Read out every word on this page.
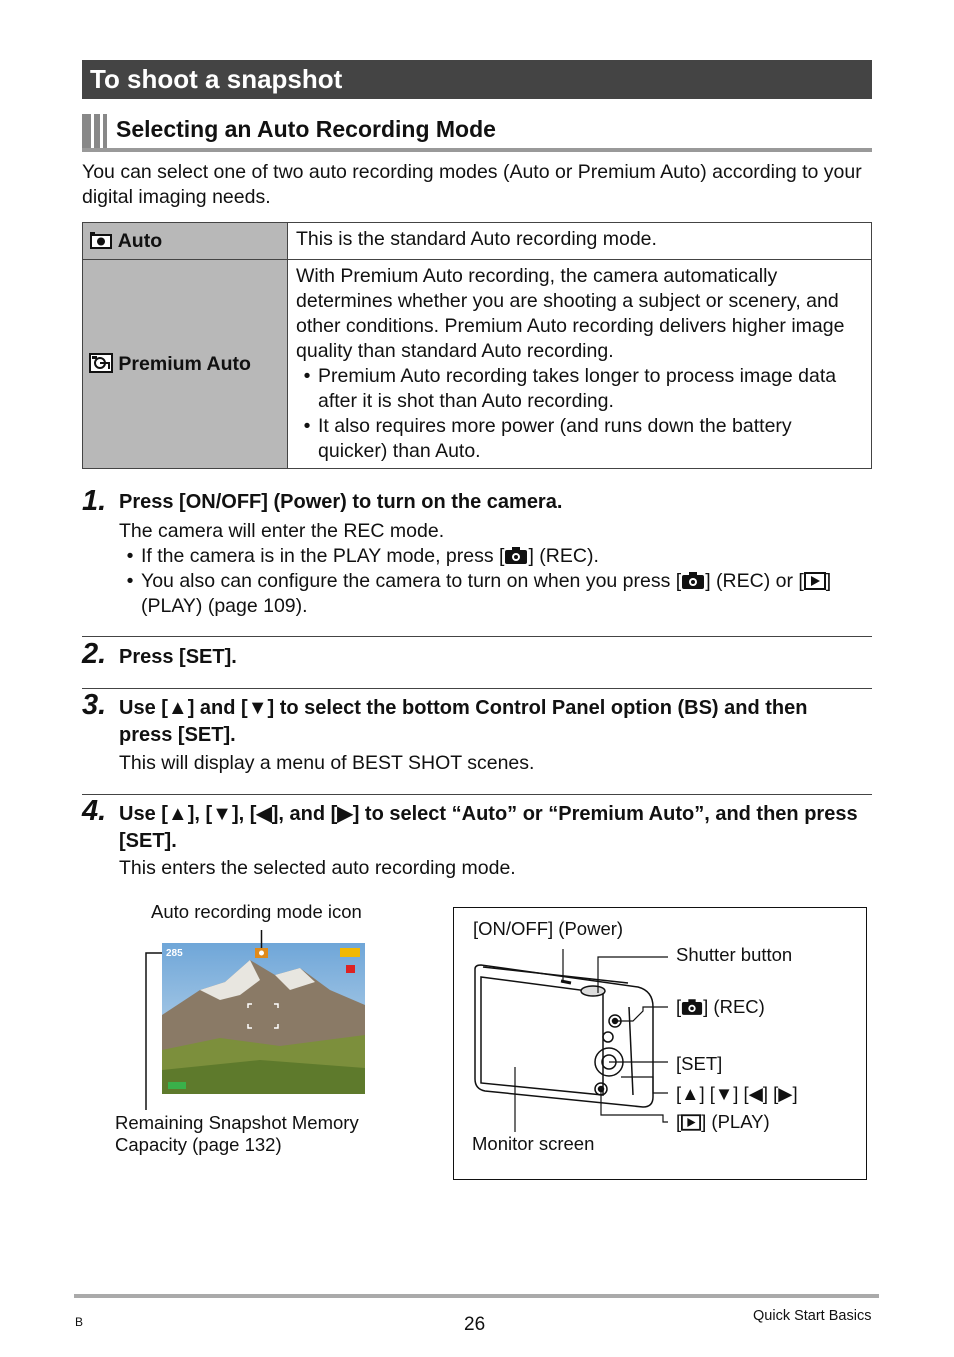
To shoot a snapshot
Selecting an Auto Recording Mode
You can select one of two auto recording modes (Auto or Premium Auto) according to your digital imaging needs.
Auto	This is the standard Auto recording mode.
Premium Auto	With Premium Auto recording, the camera automatically determines whether you are shooting a subject or scenery, and other conditions. Premium Auto recording delivers higher image quality than standard Auto recording.
• Premium Auto recording takes longer to process image data after it is shot than Auto recording.
• It also requires more power (and runs down the battery quicker) than Auto.
1. Press [ON/OFF] (Power) to turn on the camera.
The camera will enter the REC mode.
• If the camera is in the PLAY mode, press [ ] (REC).
• You also can configure the camera to turn on when you press [ ] (REC) or [ ] (PLAY) (page 109).
2. Press [SET].
3. Use [▲] and [▼] to select the bottom Control Panel option (BS) and then press [SET].
This will display a menu of BEST SHOT scenes.
4. Use [▲], [▼], [◀], and [▶] to select “Auto” or “Premium Auto”, and then press [SET].
This enters the selected auto recording mode.
Auto recording mode icon
285
Remaining Snapshot Memory
Capacity (page 132)
[ON/OFF] (Power)
Shutter button
[ ] (REC)
[SET]
[▲] [▼] [◀] [▶]
[ ] (PLAY)
Monitor screen
B	26	Quick Start Basics
